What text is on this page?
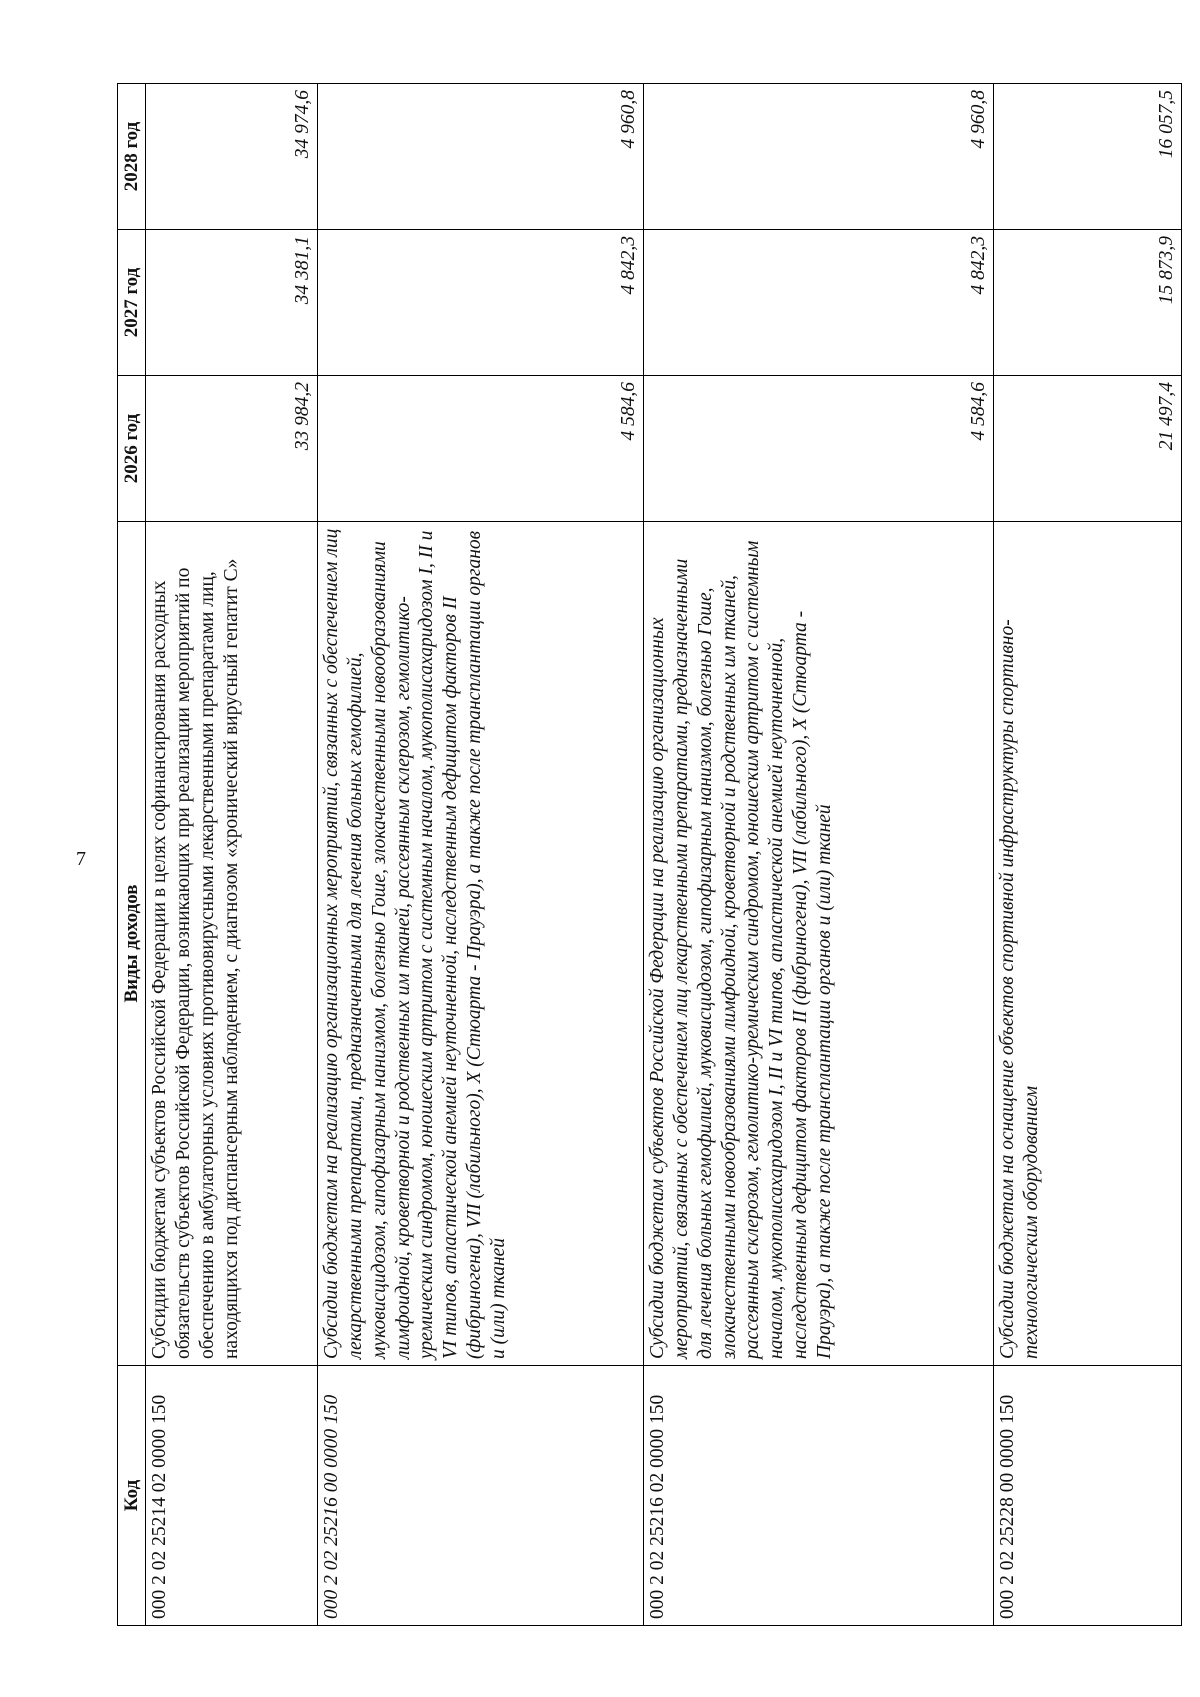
7
Код	Виды доходов	2026 год	2027 год	2028 год
000 2 02 25214 02 0000 150	Субсидии бюджетам субъектов Российской Федерации в целях софинансирования расходных обязательств субъектов Российской Федерации, возникающих при реализации мероприятий по обеспечению в амбулаторных условиях противовирусными лекарственными препаратами лиц, находящихся под диспансерным наблюдением, с диагнозом «хронический вирусный гепатит С»	33 984,2	34 381,1	34 974,6
000 2 02 25216 00 0000 150	Субсидии бюджетам на реализацию организационных мероприятий, связанных с обеспечением лиц лекарственными препаратами, предназначенными для лечения больных гемофилией, муковисцидозом, гипофизарным нанизмом, болезнью Гоше, злокачественными новообразованиями лимфоидной, кроветворной и родственных им тканей, рассеянным склерозом, гемолитико-уремическим синдромом, юношеским артритом с системным началом, мукополисахаридозом I, II и VI типов, апластической анемией неуточненной, наследственным дефицитом факторов II (фибриногена), VII (лабильного), X (Стюарта - Прауэра), а также после трансплантации органов и (или) тканей	4 584,6	4 842,3	4 960,8
000 2 02 25216 02 0000 150	Субсидии бюджетам субъектов Российской Федерации на реализацию организационных мероприятий, связанных с обеспечением лиц лекарственными препаратами, предназначенными для лечения больных гемофилией, муковисцидозом, гипофизарным нанизмом, болезнью Гоше, злокачественными новообразованиями лимфоидной, кроветворной и родственных им тканей, рассеянным склерозом, гемолитико-уремическим синдромом, юношеским артритом с системным началом, мукополисахаридозом I, II и VI типов, апластической анемией неуточненной, наследственным дефицитом факторов II (фибриногена), VII (лабильного), X (Стюарта - Прауэра), а также после трансплантации органов и (или) тканей	4 584,6	4 842,3	4 960,8
000 2 02 25228 00 0000 150	Субсидии бюджетам на оснащение объектов спортивной инфраструктуры спортивно-технологическим оборудованием	21 497,4	15 873,9	16 057,5
